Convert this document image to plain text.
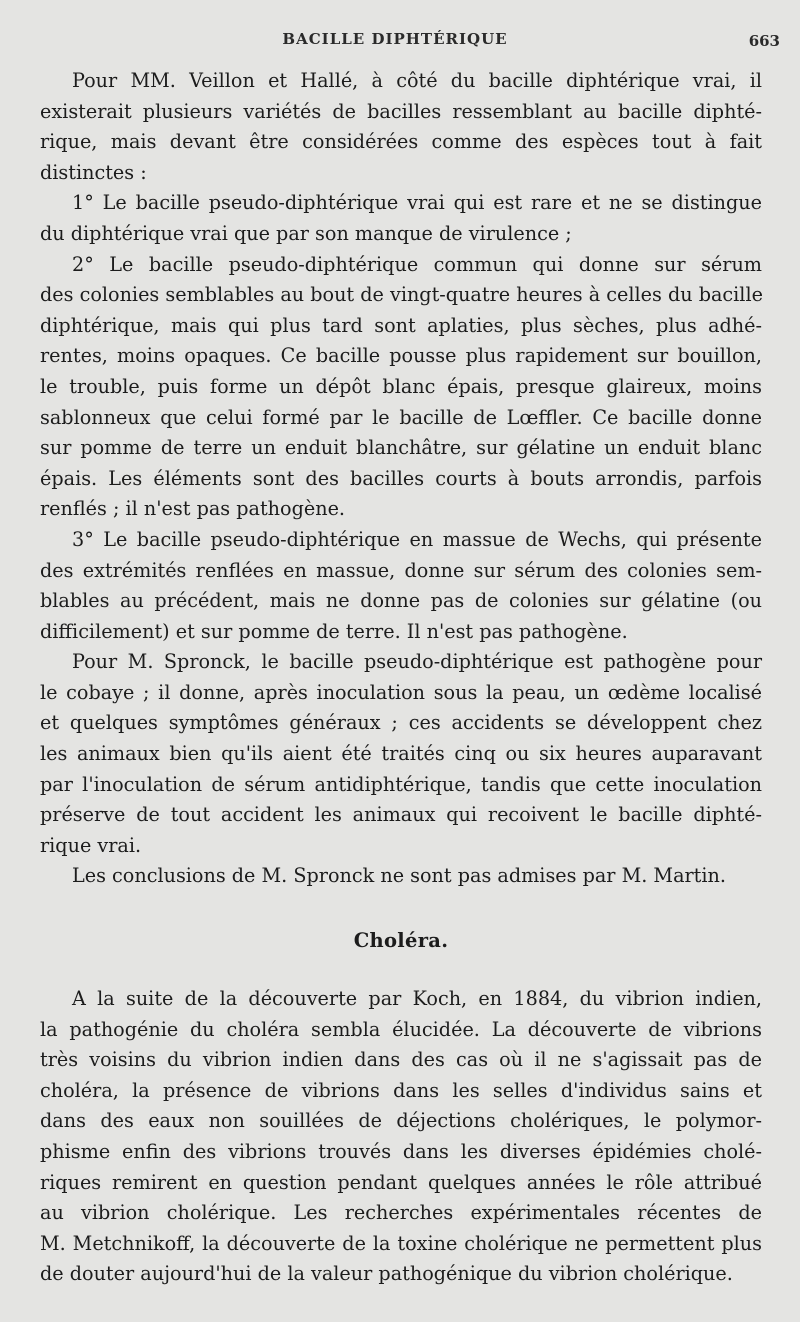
BACILLE DIPHTÉRIQUE	663

Pour MM. Veillon et Hallé, à côté du bacille diphtérique vrai, il
existerait plusieurs variétés de bacilles ressemblant au bacille diphté-
rique, mais devant être considérées comme des espèces tout à fait
distinctes :

1° Le bacille pseudo-diphtérique vrai qui est rare et ne se distingue
du diphtérique vrai que par son manque de virulence ;

2° Le bacille pseudo-diphtérique commun qui donne sur sérum
des colonies semblables au bout de vingt-quatre heures à celles du bacille
diphtérique, mais qui plus tard sont aplaties, plus sèches, plus adhé-
rentes, moins opaques. Ce bacille pousse plus rapidement sur bouillon,
le trouble, puis forme un dépôt blanc épais, presque glaireux, moins
sablonneux que celui formé par le bacille de Lœffler. Ce bacille donne
sur pomme de terre un enduit blanchâtre, sur gélatine un enduit blanc
épais. Les éléments sont des bacilles courts à bouts arrondis, parfois
renflés ; il n'est pas pathogène.

3° Le bacille pseudo-diphtérique en massue de Wechs, qui présente
des extrémités renflées en massue, donne sur sérum des colonies sem-
blables au précédent, mais ne donne pas de colonies sur gélatine (ou
difficilement) et sur pomme de terre. Il n'est pas pathogène.

Pour M. Spronck, le bacille pseudo-diphtérique est pathogène pour
le cobaye ; il donne, après inoculation sous la peau, un œdème localisé
et quelques symptômes généraux ; ces accidents se développent chez
les animaux bien qu'ils aient été traités cinq ou six heures auparavant
par l'inoculation de sérum antidiphtérique, tandis que cette inoculation
préserve de tout accident les animaux qui recoivent le bacille diphté-
rique vrai.

Les conclusions de M. Spronck ne sont pas admises par M. Martin.

Choléra.

A la suite de la découverte par Koch, en 1884, du vibrion indien,
la pathogénie du choléra sembla élucidée. La découverte de vibrions
très voisins du vibrion indien dans des cas où il ne s'agissait pas de
choléra, la présence de vibrions dans les selles d'individus sains et
dans des eaux non souillées de déjections cholériques, le polymor-
phisme enfin des vibrions trouvés dans les diverses épidémies cholé-
riques remirent en question pendant quelques années le rôle attribué
au vibrion cholérique. Les recherches expérimentales récentes de
M. Metchnikoff, la découverte de la toxine cholérique ne permettent plus
de douter aujourd'hui de la valeur pathogénique du vibrion cholérique.
